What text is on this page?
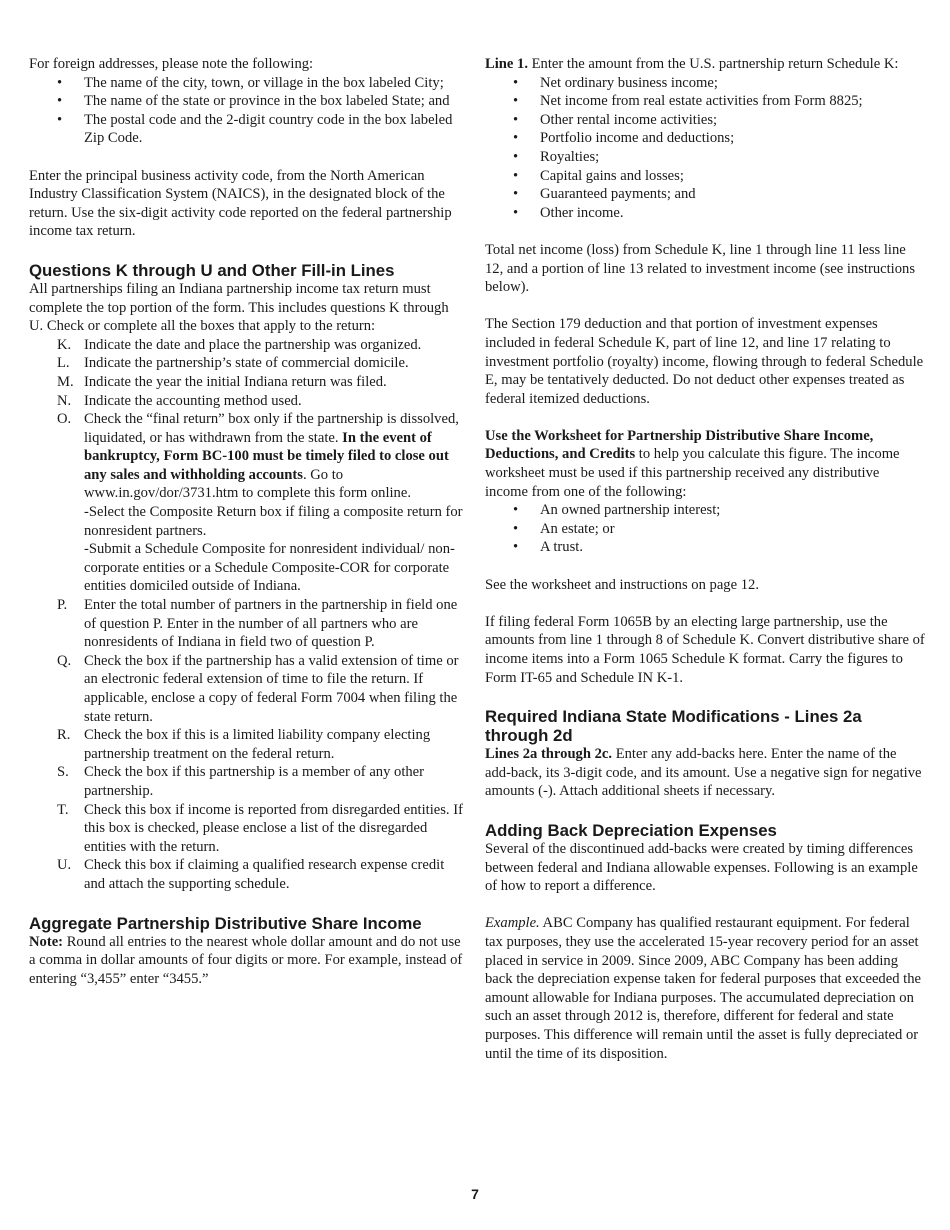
For foreign addresses, please note the following:

• The name of the city, town, or village in the box labeled City;
• The name of the state or province in the box labeled State; and
• The postal code and the 2-digit country code in the box labeled Zip Code.

Enter the principal business activity code, from the North American Industry Classification System (NAICS), in the designated block of the return. Use the six-digit activity code reported on the federal partnership income tax return.

Questions K through U and Other Fill-in Lines

All partnerships filing an Indiana partnership income tax return must complete the top portion of the form. This includes questions K through U. Check or complete all the boxes that apply to the return:

K. Indicate the date and place the partnership was organized.
L. Indicate the partnership’s state of commercial domicile.
M. Indicate the year the initial Indiana return was filed.
N. Indicate the accounting method used.
O. Check the “final return” box only if the partnership is dissolved, liquidated, or has withdrawn from the state. In the event of bankruptcy, Form BC-100 must be timely filed to close out any sales and withholding accounts. Go to www.in.gov/dor/3731.htm to complete this form online.
-Select the Composite Return box if filing a composite return for nonresident partners.
-Submit a Schedule Composite for nonresident individual/ non-corporate entities or a Schedule Composite-COR for corporate entities domiciled outside of Indiana.
P. Enter the total number of partners in the partnership in field one of question P. Enter in the number of all partners who are nonresidents of Indiana in field two of question P.
Q. Check the box if the partnership has a valid extension of time or an electronic federal extension of time to file the return. If applicable, enclose a copy of federal Form 7004 when filing the state return.
R. Check the box if this is a limited liability company electing partnership treatment on the federal return.
S. Check the box if this partnership is a member of any other partnership.
T. Check this box if income is reported from disregarded entities. If this box is checked, please enclose a list of the disregarded entities with the return.
U. Check this box if claiming a qualified research expense credit and attach the supporting schedule.
Aggregate Partnership Distributive Share Income

Note: Round all entries to the nearest whole dollar amount and do not use a comma in dollar amounts of four digits or more. For example, instead of entering “3,455” enter “3455.”

Line 1. Enter the amount from the U.S. partnership return Schedule K:

• Net ordinary business income;
• Net income from real estate activities from Form 8825;
• Other rental income activities;
• Portfolio income and deductions;
• Royalties;
• Capital gains and losses;
• Guaranteed payments; and
• Other income.

Total net income (loss) from Schedule K, line 1 through line 11 less line 12, and a portion of line 13 related to investment income (see instructions below).

The Section 179 deduction and that portion of investment expenses included in federal Schedule K, part of line 12, and line 17 relating to investment portfolio (royalty) income, flowing through to federal Schedule E, may be tentatively deducted. Do not deduct other expenses treated as federal itemized deductions.

Use the Worksheet for Partnership Distributive Share Income, Deductions, and Credits to help you calculate this figure. The income worksheet must be used if this partnership received any distributive income from one of the following:

• An owned partnership interest;
• An estate; or
• A trust.

See the worksheet and instructions on page 12.

If filing federal Form 1065B by an electing large partnership, use the amounts from line 1 through 8 of Schedule K. Convert distributive share of income items into a Form 1065 Schedule K format. Carry the figures to Form IT-65 and Schedule IN K-1.

Required Indiana State Modifications - Lines 2a through 2d

Lines 2a through 2c. Enter any add-backs here. Enter the name of the add-back, its 3-digit code, and its amount. Use a negative sign for negative amounts (-). Attach additional sheets if necessary.

Adding Back Depreciation Expenses

Several of the discontinued add-backs were created by timing differences between federal and Indiana allowable expenses. Following is an example of how to report a difference.

Example. ABC Company has qualified restaurant equipment. For federal tax purposes, they use the accelerated 15-year recovery period for an asset placed in service in 2009. Since 2009, ABC Company has been adding back the depreciation expense taken for federal purposes that exceeded the amount allowable for Indiana purposes. The accumulated depreciation on such an asset through 2012 is, therefore, different for federal and state purposes. This difference will remain until the asset is fully depreciated or until the time of its disposition.

7
